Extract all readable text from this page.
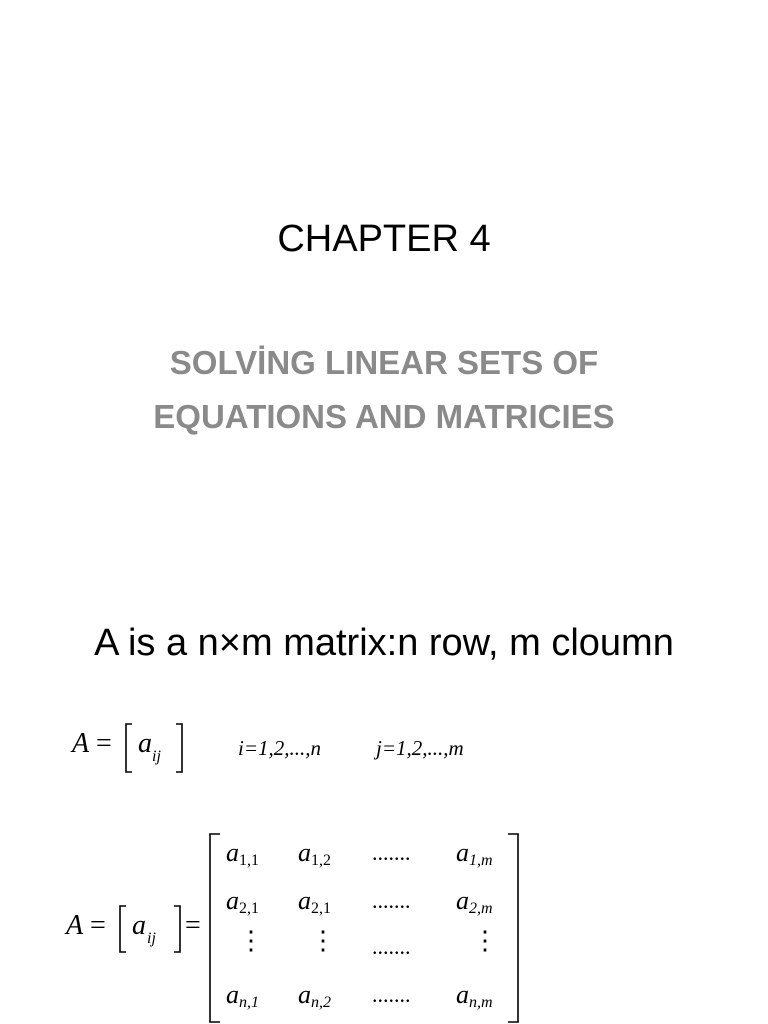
CHAPTER 4
SOLVİNG LINEAR SETS OF
EQUATIONS AND MATRICIES
A is a n×m matrix:n row, m cloumn
A = a ij	i=1,2,...,n	j=1,2,...,m
A = a ij =
$a_{1,1}$ $a_{1,2}$ ....... $a_{1,m}$
$a_{2,1}$ $a_{2,1}$ ....... $a_{2,m}$
⋮ ⋮ ....... ⋮
$a_{n,1}$ $a_{n,2}$ ....... $a_{n,m}$
